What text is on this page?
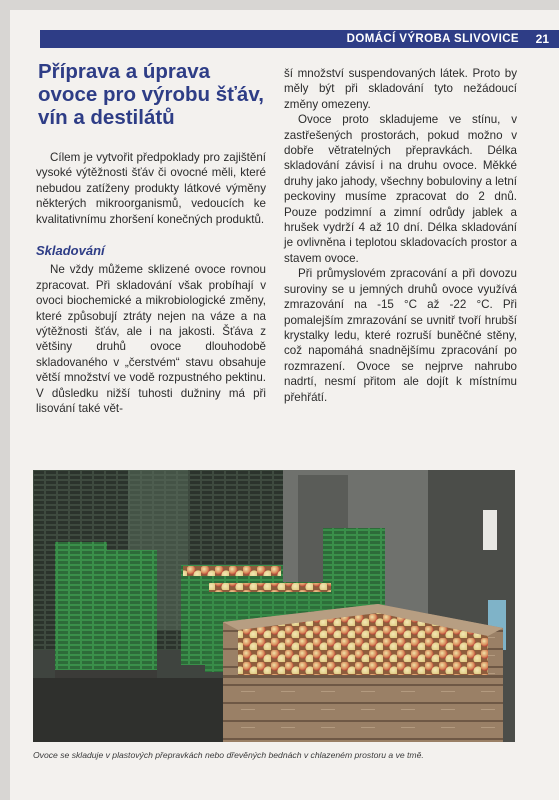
DOMÁCÍ VÝROBA SLIVOVICE 21
Příprava a úprava ovoce pro výrobu šťáv, vín a destilátů

Cílem je vytvořit předpoklady pro zajištění vysoké výtěžnosti šťáv či ovocné měli, které nebudou zatíženy produkty látkové výměny některých mikroorganismů, vedoucích ke kvalitativnímu zhoršení konečných produktů.

Skladování

Ne vždy můžeme sklizené ovoce rovnou zpracovat. Při skladování však probíhají v ovoci biochemické a mikrobiologické změny, které způsobují ztráty nejen na váze a na výtěžnosti šťáv, ale i na jakosti. Šťáva z většiny druhů ovoce dlouhodobě skladovaného v „čerstvém“ stavu obsahuje větší množství ve vodě rozpustného pektinu. V důsledku nižší tuhosti dužniny má při lisování také vět-

ší množství suspendovaných látek. Proto by měly být při skladování tyto nežádoucí změny omezeny.

Ovoce proto skladujeme ve stínu, v zastřešených prostorách, pokud možno v dobře větratelných přepravkách. Délka skladování závisí i na druhu ovoce. Měkké druhy jako jahody, všechny bobuloviny a letní peckoviny musíme zpracovat do 2 dnů. Pouze podzimní a zimní odrůdy jablek a hrušek vydrží 4 až 10 dní. Délka skladování je ovlivněna i teplotou skladovacích prostor a stavem ovoce.

Při průmyslovém zpracování a při dovozu suroviny se u jemných druhů ovoce využívá zmrazování na -15 °C až -22 °C. Při pomalejším zmrazování se uvnitř tvoří hrubší krystalky ledu, které rozruší buněčné stěny, což napomáhá snadnějšímu zpracování po rozmrazení. Ovoce se nejprve nahrubo nadrtí, nesmí přitom ale dojít k místnímu přehřátí.

Ovoce se skladuje v plastových přepravkách nebo dřevěných bednách v chlazeném prostoru a ve tmě.
